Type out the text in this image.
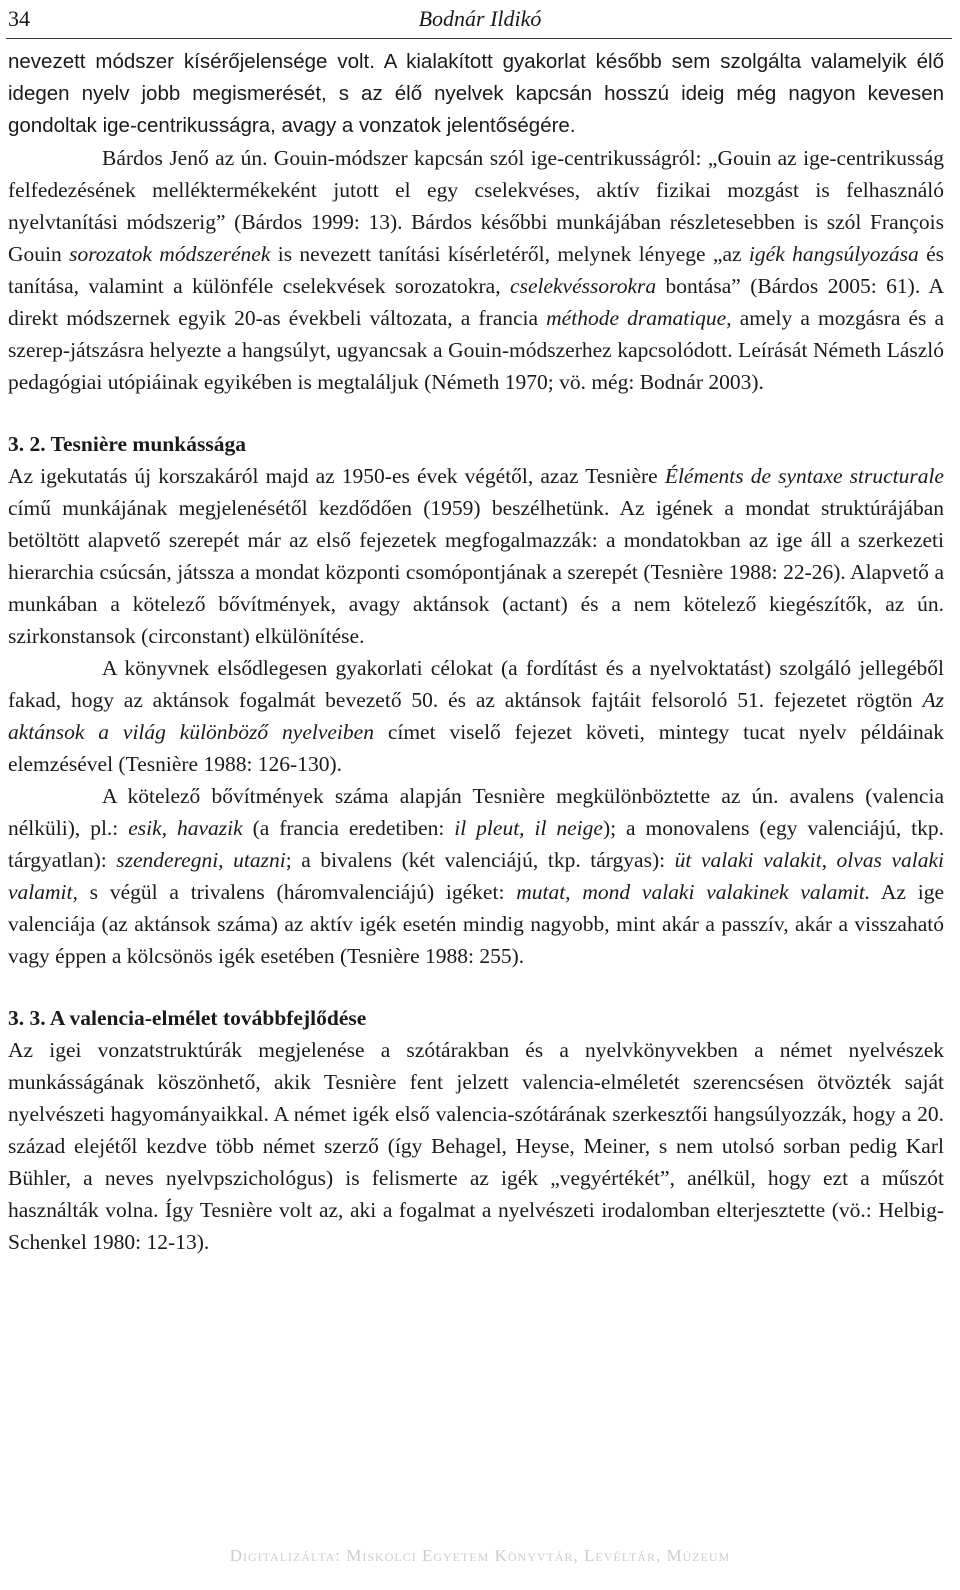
34	Bodnár Ildikó

nevezett módszer kísérőjelensége volt. A kialakított gyakorlat később sem szolgálta valamelyik élő idegen nyelv jobb megismerését, s az élő nyelvek kapcsán hosszú ideig még nagyon kevesen gondoltak ige-centrikusságra, avagy a vonzatok jelentőségére.

Bárdos Jenő az ún. Gouin-módszer kapcsán szól ige-centrikusságról: „Gouin az ige-centrikusság felfedezésének melléktermékeként jutott el egy cselekvéses, aktív fizikai mozgást is felhasználó nyelvtanítási módszerig” (Bárdos 1999: 13). Bárdos későbbi munkájában részletesebben is szól François Gouin sorozatok módszerének is nevezett tanítási kísérletéről, melynek lényege „az igék hangsúlyozása és tanítása, valamint a különféle cselekvések sorozatokra, cselekvéssorokra bontása” (Bárdos 2005: 61). A direkt módszernek egyik 20-as évekbeli változata, a francia méthode dramatique, amely a mozgásra és a szerep-játszásra helyezte a hangsúlyt, ugyancsak a Gouin-módszerhez kapcsolódott. Leírását Németh László pedagógiai utópiáinak egyikében is megtaláljuk (Németh 1970; vö. még: Bodnár 2003).

3. 2. Tesnière munkássága

Az igekutatás új korszakáról majd az 1950-es évek végétől, azaz Tesnière Éléments de syntaxe structurale című munkájának megjelenésétől kezdődően (1959) beszélhetünk. Az igének a mondat struktúrájában betöltött alapvető szerepét már az első fejezetek megfogalmazzák: a mondatokban az ige áll a szerkezeti hierarchia csúcsán, játssza a mondat központi csomópontjának a szerepét (Tesnière 1988: 22-26). Alapvető a munkában a kötelező bővítmények, avagy aktánsok (actant) és a nem kötelező kiegészítők, az ún. szirkonstansok (circonstant) elkülönítése.

A könyvnek elsődlegesen gyakorlati célokat (a fordítást és a nyelvoktatást) szolgáló jellegéből fakad, hogy az aktánsok fogalmát bevezető 50. és az aktánsok fajtáit felsoroló 51. fejezetet rögtön Az aktánsok a világ különböző nyelveiben címet viselő fejezet követi, mintegy tucat nyelv példáinak elemzésével (Tesnière 1988: 126-130).

A kötelező bővítmények száma alapján Tesnière megkülönböztette az ún. avalens (valencia nélküli), pl.: esik, havazik (a francia eredetiben: il pleut, il neige); a monovalens (egy valenciájú, tkp. tárgyatlan): szenderegni, utazni; a bivalens (két valenciájú, tkp. tárgyas): üt valaki valakit, olvas valaki valamit, s végül a trivalens (háromvalenciájú) igéket: mutat, mond valaki valakinek valamit. Az ige valenciája (az aktánsok száma) az aktív igék esetén mindig nagyobb, mint akár a passzív, akár a visszaható vagy éppen a kölcsönös igék esetében (Tesnière 1988: 255).

3. 3. A valencia-elmélet továbbfejlődése

Az igei vonzatstruktúrák megjelenése a szótárakban és a nyelvkönyvekben a német nyelvészek munkásságának köszönhető, akik Tesnière fent jelzett valencia-elméletét szerencsésen ötvözték saját nyelvészeti hagyományaikkal. A német igék első valencia-szótárának szerkesztői hangsúlyozzák, hogy a 20. század elejétől kezdve több német szerző (így Behagel, Heyse, Meiner, s nem utolsó sorban pedig Karl Bühler, a neves nyelvpszichológus) is felismerte az igék „vegyértékét”, anélkül, hogy ezt a műszót használták volna. Így Tesnière volt az, aki a fogalmat a nyelvészeti irodalomban elterjesztette (vö.: Helbig-Schenkel 1980: 12-13).

Digitalizálta: Miskolci Egyetem Könyvtár, Levéltár, Múzeum
